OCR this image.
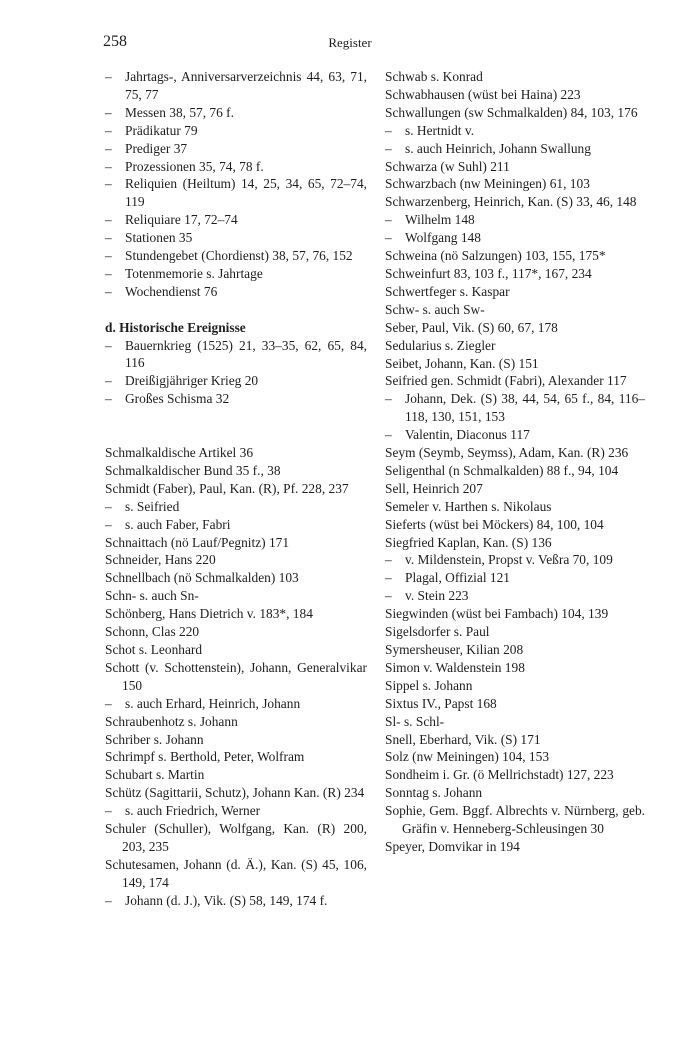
258	Register
– Jahrtags-, Anniversarverzeichnis 44, 63, 71, 75, 77
– Messen 38, 57, 76 f.
– Prädikatur 79
– Prediger 37
– Prozessionen 35, 74, 78 f.
– Reliquien (Heiltum) 14, 25, 34, 65, 72–74, 119
– Reliquiare 17, 72–74
– Stationen 35
– Stundengebet (Chordienst) 38, 57, 76, 152
– Totenmemorie s. Jahrtage
– Wochendienst 76
d. Historische Ereignisse
– Bauernkrieg (1525) 21, 33–35, 62, 65, 84, 116
– Dreißigjähriger Krieg 20
– Großes Schisma 32
Schmalkaldische Artikel 36
Schmalkaldischer Bund 35 f., 38
Schmidt (Faber), Paul, Kan. (R), Pf. 228, 237
– s. Seifried
– s. auch Faber, Fabri
Schnaittach (nö Lauf/Pegnitz) 171
Schneider, Hans 220
Schnellbach (nö Schmalkalden) 103
Schn- s. auch Sn-
Schönberg, Hans Dietrich v. 183*, 184
Schonn, Clas 220
Schot s. Leonhard
Schott (v. Schottenstein), Johann, Generalvikar 150
– s. auch Erhard, Heinrich, Johann
Schraubenhotz s. Johann
Schriber s. Johann
Schrimpf s. Berthold, Peter, Wolfram
Schubart s. Martin
Schütz (Sagittarii, Schutz), Johann Kan. (R) 234
– s. auch Friedrich, Werner
Schuler (Schuller), Wolfgang, Kan. (R) 200, 203, 235
Schutesamen, Johann (d. Ä.), Kan. (S) 45, 106, 149, 174
– Johann (d. J.), Vik. (S) 58, 149, 174 f.
Schwab s. Konrad
Schwabhausen (wüst bei Haina) 223
Schwallungen (sw Schmalkalden) 84, 103, 176
– s. Hertnidt v.
– s. auch Heinrich, Johann Swallung
Schwarza (w Suhl) 211
Schwarzbach (nw Meiningen) 61, 103
Schwarzenberg, Heinrich, Kan. (S) 33, 46, 148
– Wilhelm 148
– Wolfgang 148
Schweina (nö Salzungen) 103, 155, 175*
Schweinfurt 83, 103 f., 117*, 167, 234
Schwertfeger s. Kaspar
Schw- s. auch Sw-
Seber, Paul, Vik. (S) 60, 67, 178
Sedularius s. Ziegler
Seibet, Johann, Kan. (S) 151
Seifried gen. Schmidt (Fabri), Alexander 117
– Johann, Dek. (S) 38, 44, 54, 65 f., 84, 116–118, 130, 151, 153
– Valentin, Diaconus 117
Seym (Seymb, Seymss), Adam, Kan. (R) 236
Seligenthal (n Schmalkalden) 88 f., 94, 104
Sell, Heinrich 207
Semeler v. Harthen s. Nikolaus
Sieferts (wüst bei Möckers) 84, 100, 104
Siegfried Kaplan, Kan. (S) 136
– v. Mildenstein, Propst v. Veßra 70, 109
– Plagal, Offizial 121
– v. Stein 223
Siegwinden (wüst bei Fambach) 104, 139
Sigelsdorfer s. Paul
Symersheuser, Kilian 208
Simon v. Waldenstein 198
Sippel s. Johann
Sixtus IV., Papst 168
Sl- s. Schl-
Snell, Eberhard, Vik. (S) 171
Solz (nw Meiningen) 104, 153
Sondheim i. Gr. (ö Mellrichstadt) 127, 223
Sonntag s. Johann
Sophie, Gem. Bggf. Albrechts v. Nürnberg, geb. Gräfin v. Henneberg-Schleusingen 30
Speyer, Domvikar in 194
